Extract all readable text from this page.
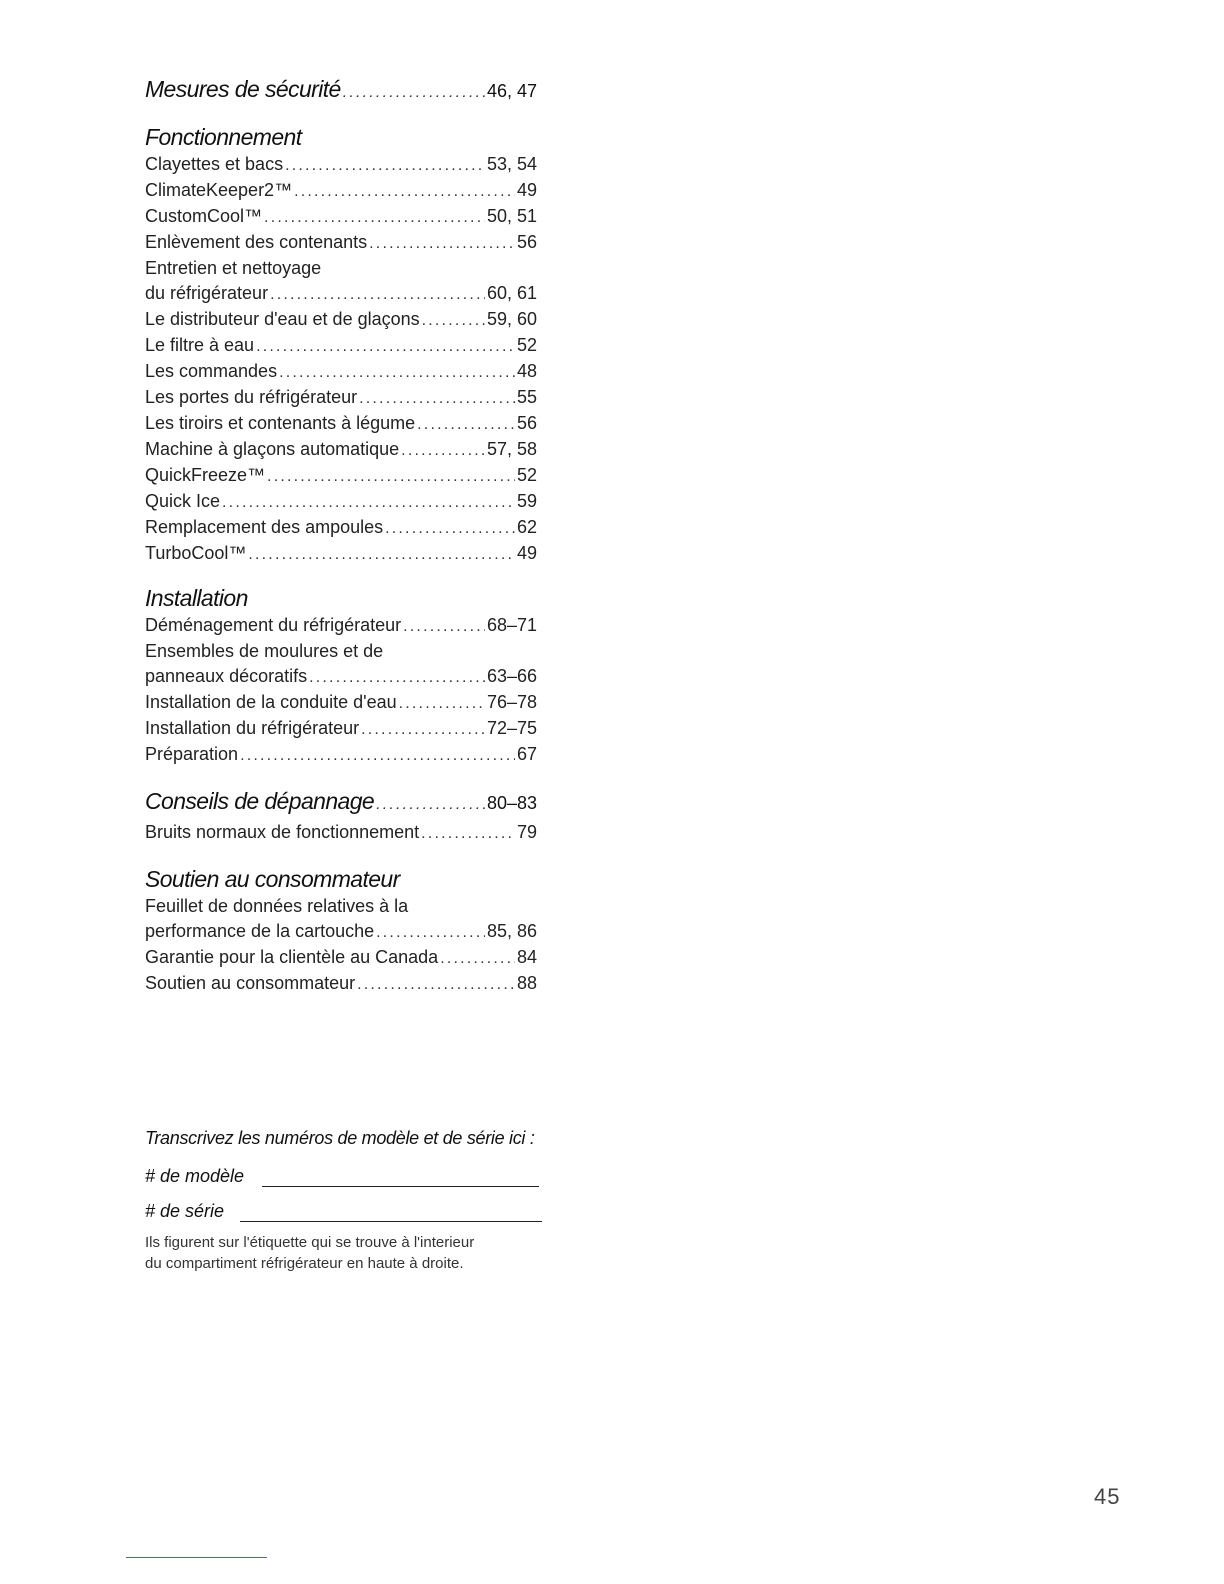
Mesures de sécurité .....	46, 47
Fonctionnement
Clayettes et bacs .....	53, 54
ClimateKeeper2™ .....	49
CustomCool™ .....	50, 51
Enlèvement des contenants .....	56
Entretien et nettoyage
du réfrigérateur .....	60, 61
Le distributeur d'eau et de glaçons .....	59, 60
Le filtre à eau .....	52
Les commandes .....	48
Les portes du réfrigérateur .....	55
Les tiroirs et contenants à légume .....	56
Machine à glaçons automatique .....	57, 58
QuickFreeze™ .....	52
Quick Ice .....	59
Remplacement des ampoules .....	62
TurboCool™ .....	49
Installation
Déménagement du réfrigérateur .....	68–71
Ensembles de moulures et de
panneaux décoratifs .....	63–66
Installation de la conduite d'eau .....	76–78
Installation du réfrigérateur .....	72–75
Préparation .....	67
Conseils de dépannage .....	80–83
Bruits normaux de fonctionnement .....	79
Soutien au consommateur
Feuillet de données relatives à la
performance de la cartouche .....	85, 86
Garantie pour la clientèle au Canada .....	84
Soutien au consommateur .....	88
Transcrivez les numéros de modèle et de série ici :
# de modèle
# de série
Ils figurent sur l'étiquette qui se trouve à l'interieur
du compartiment réfrigérateur en haute à droite.
45
